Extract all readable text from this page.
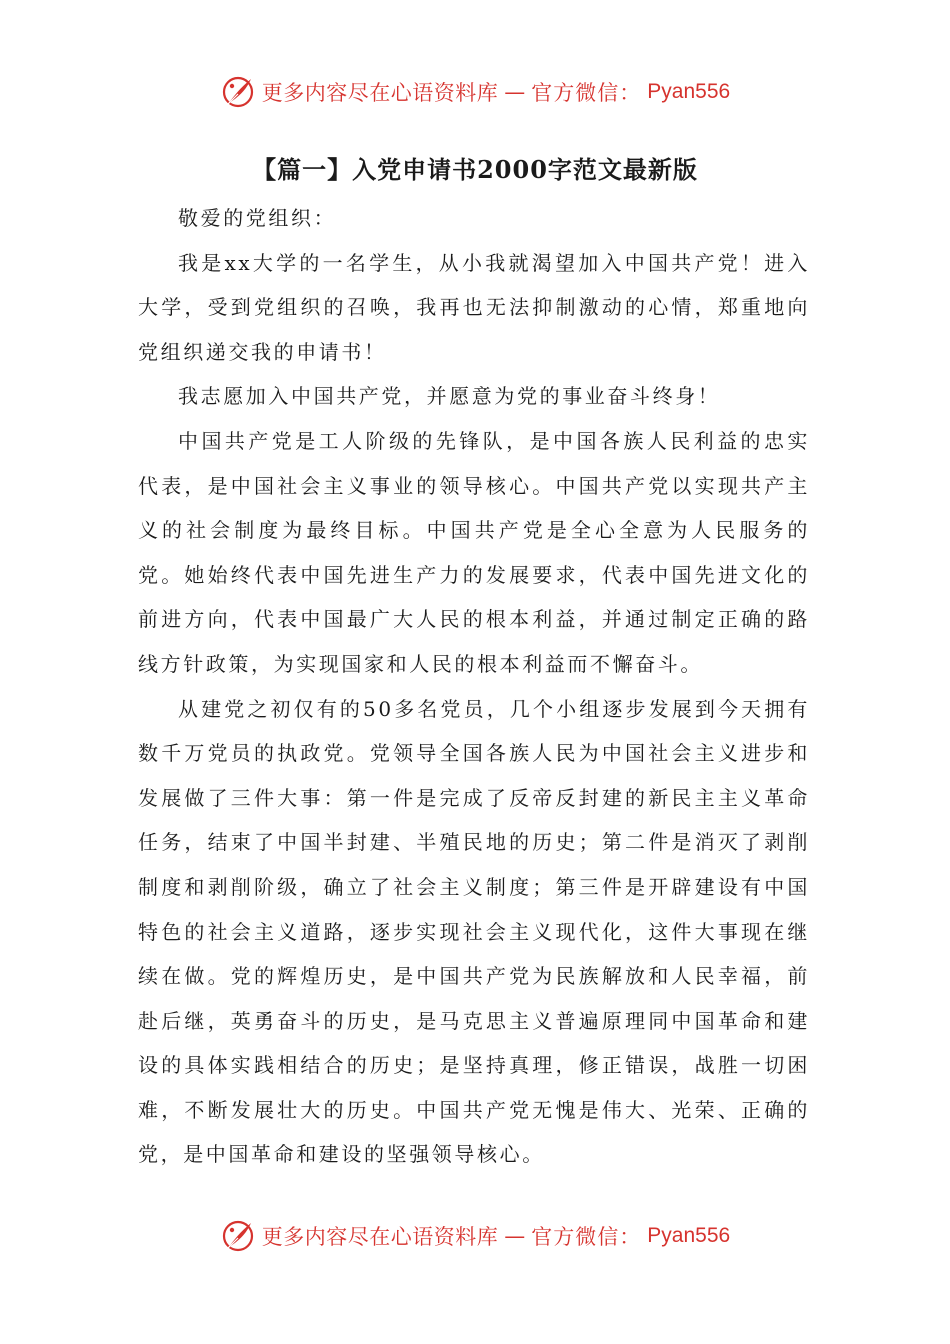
更多内容尽在心语资料库 — 官方微信： Pyan556
【篇一】入党申请书2000字范文最新版

敬爱的党组织：

我是xx大学的一名学生，从小我就渴望加入中国共产党！进入大学，受到党组织的召唤，我再也无法抑制激动的心情，郑重地向党组织递交我的申请书！

我志愿加入中国共产党，并愿意为党的事业奋斗终身！

中国共产党是工人阶级的先锋队，是中国各族人民利益的忠实代表，是中国社会主义事业的领导核心。中国共产党以实现共产主义的社会制度为最终目标。中国共产党是全心全意为人民服务的党。她始终代表中国先进生产力的发展要求，代表中国先进文化的前进方向，代表中国最广大人民的根本利益，并通过制定正确的路线方针政策，为实现国家和人民的根本利益而不懈奋斗。

从建党之初仅有的50多名党员，几个小组逐步发展到今天拥有数千万党员的执政党。党领导全国各族人民为中国社会主义进步和发展做了三件大事：第一件是完成了反帝反封建的新民主主义革命任务，结束了中国半封建、半殖民地的历史；第二件是消灭了剥削制度和剥削阶级，确立了社会主义制度；第三件是开辟建设有中国特色的社会主义道路，逐步实现社会主义现代化，这件大事现在继续在做。党的辉煌历史，是中国共产党为民族解放和人民幸福，前赴后继，英勇奋斗的历史，是马克思主义普遍原理同中国革命和建设的具体实践相结合的历史；是坚持真理，修正错误，战胜一切困难，不断发展壮大的历史。中国共产党无愧是伟大、光荣、正确的党，是中国革命和建设的坚强领导核心。

更多内容尽在心语资料库 — 官方微信： Pyan556
